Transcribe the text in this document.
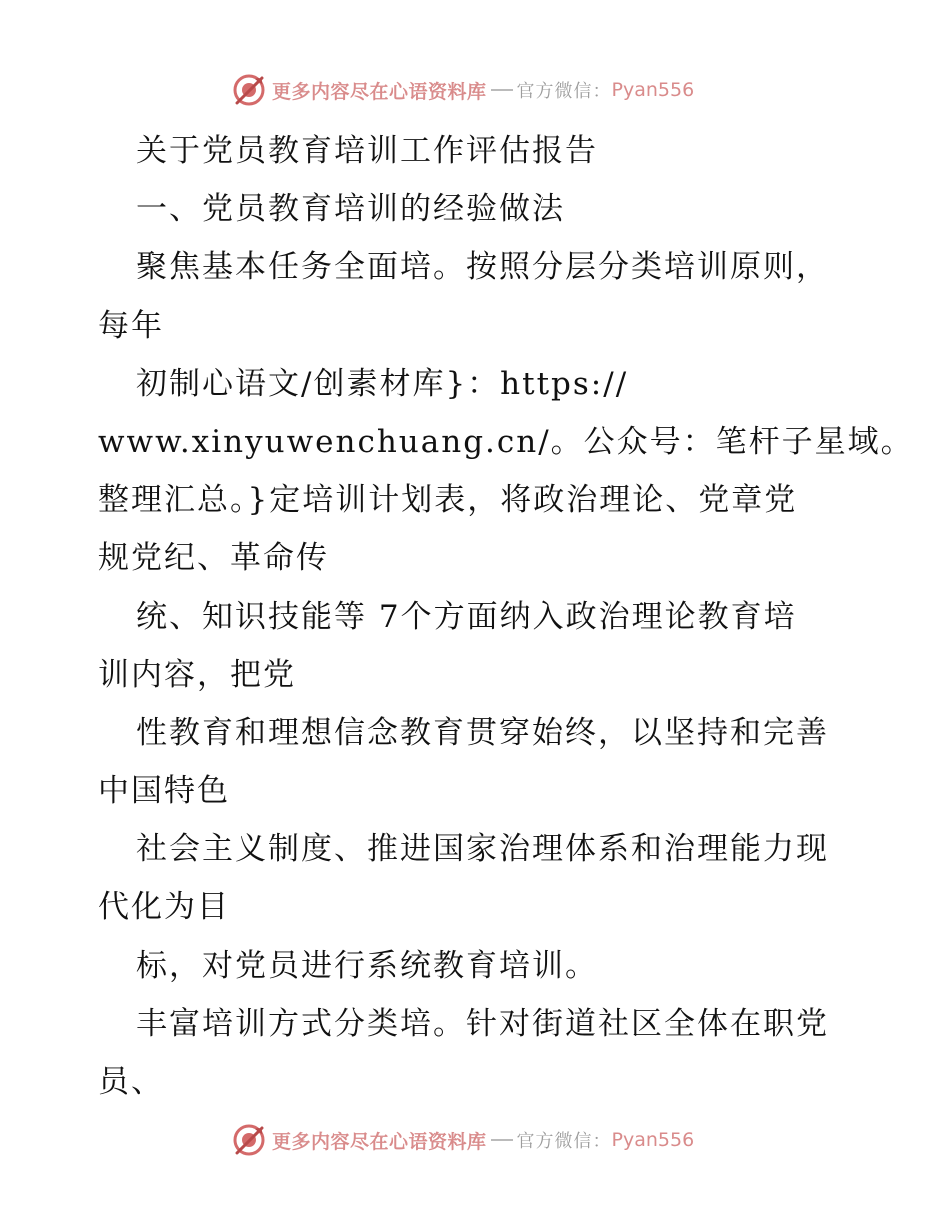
更多内容尽在心语资料库 官方微信： Pyan556
关于党员教育培训工作评估报告
一、党员教育培训的经验做法
聚焦基本任务全面培。按照分层分类培训原则，
每年
初制心语文/创素材库}：https://
www.xinyuwenchuang.cn/。公众号：笔杆子星域。
整理汇总。}定培训计划表，将政治理论、党章党
规党纪、革命传
统、知识技能等 7个方面纳入政治理论教育培
训内容，把党
性教育和理想信念教育贯穿始终，以坚持和完善
中国特色
社会主义制度、推进国家治理体系和治理能力现
代化为目
标，对党员进行系统教育培训。
丰富培训方式分类培。针对街道社区全体在职党
员、
更多内容尽在心语资料库 官方微信： Pyan556
